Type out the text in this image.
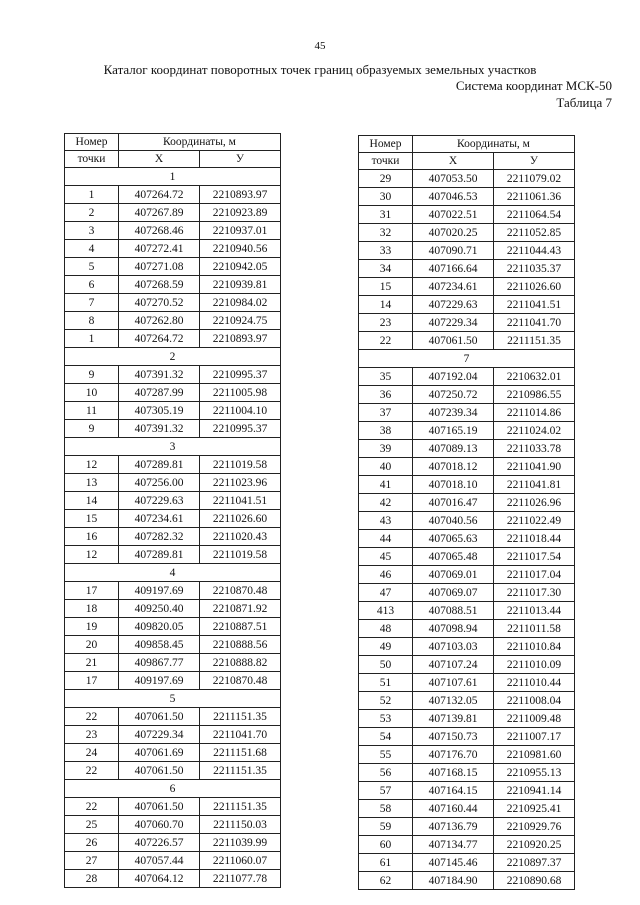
45
Каталог координат поворотных точек границ образуемых земельных участков
Система координат МСК-50
Таблица 7
Номер	Координаты, м	
точки	X	У
1		
1	407264.72	2210893.97
2	407267.89	2210923.89
3	407268.46	2210937.01
4	407272.41	2210940.56
5	407271.08	2210942.05
6	407268.59	2210939.81
7	407270.52	2210984.02
8	407262.80	2210924.75
1	407264.72	2210893.97
2		
9	407391.32	2210995.37
10	407287.99	2211005.98
11	407305.19	2211004.10
9	407391.32	2210995.37
3		
12	407289.81	2211019.58
13	407256.00	2211023.96
14	407229.63	2211041.51
15	407234.61	2211026.60
16	407282.32	2211020.43
12	407289.81	2211019.58
4		
17	409197.69	2210870.48
18	409250.40	2210871.92
19	409820.05	2210887.51
20	409858.45	2210888.56
21	409867.77	2210888.82
17	409197.69	2210870.48
5		
22	407061.50	2211151.35
23	407229.34	2211041.70
24	407061.69	2211151.68
22	407061.50	2211151.35
6		
22	407061.50	2211151.35
25	407060.70	2211150.03
26	407226.57	2211039.99
27	407057.44	2211060.07
28	407064.12	2211077.78
Номер	Координаты, м	
точки	X	У
29	407053.50	2211079.02
30	407046.53	2211061.36
31	407022.51	2211064.54
32	407020.25	2211052.85
33	407090.71	2211044.43
34	407166.64	2211035.37
15	407234.61	2211026.60
14	407229.63	2211041.51
23	407229.34	2211041.70
22	407061.50	2211151.35
7		
35	407192.04	2210632.01
36	407250.72	2210986.55
37	407239.34	2211014.86
38	407165.19	2211024.02
39	407089.13	2211033.78
40	407018.12	2211041.90
41	407018.10	2211041.81
42	407016.47	2211026.96
43	407040.56	2211022.49
44	407065.63	2211018.44
45	407065.48	2211017.54
46	407069.01	2211017.04
47	407069.07	2211017.30
413	407088.51	2211013.44
48	407098.94	2211011.58
49	407103.03	2211010.84
50	407107.24	2211010.09
51	407107.61	2211010.44
52	407132.05	2211008.04
53	407139.81	2211009.48
54	407150.73	2211007.17
55	407176.70	2210981.60
56	407168.15	2210955.13
57	407164.15	2210941.14
58	407160.44	2210925.41
59	407136.79	2210929.76
60	407134.77	2210920.25
61	407145.46	2210897.37
62	407184.90	2210890.68
